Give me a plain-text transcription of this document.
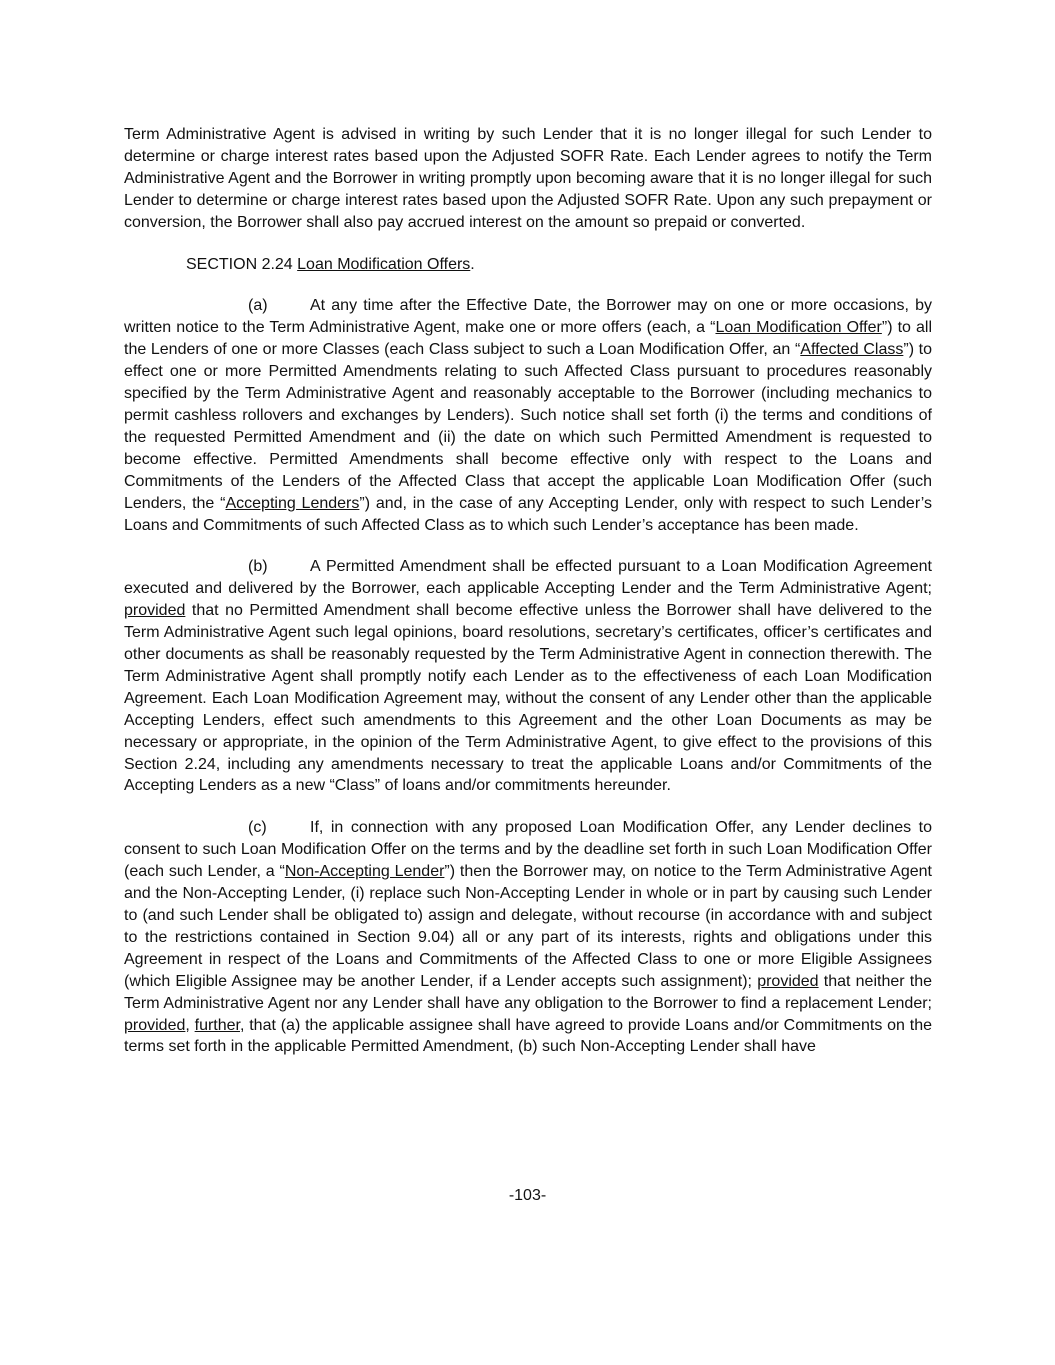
Term Administrative Agent is advised in writing by such Lender that it is no longer illegal for such Lender to determine or charge interest rates based upon the Adjusted SOFR Rate. Each Lender agrees to notify the Term Administrative Agent and the Borrower in writing promptly upon becoming aware that it is no longer illegal for such Lender to determine or charge interest rates based upon the Adjusted SOFR Rate. Upon any such prepayment or conversion, the Borrower shall also pay accrued interest on the amount so prepaid or converted.

SECTION 2.24 Loan Modification Offers.

(a)	At any time after the Effective Date, the Borrower may on one or more occasions, by written notice to the Term Administrative Agent, make one or more offers (each, a “Loan Modification Offer”) to all the Lenders of one or more Classes (each Class subject to such a Loan Modification Offer, an “Affected Class”) to effect one or more Permitted Amendments relating to such Affected Class pursuant to procedures reasonably specified by the Term Administrative Agent and reasonably acceptable to the Borrower (including mechanics to permit cashless rollovers and exchanges by Lenders). Such notice shall set forth (i) the terms and conditions of the requested Permitted Amendment and (ii) the date on which such Permitted Amendment is requested to become effective. Permitted Amendments shall become effective only with respect to the Loans and Commitments of the Lenders of the Affected Class that accept the applicable Loan Modification Offer (such Lenders, the “Accepting Lenders”) and, in the case of any Accepting Lender, only with respect to such Lender’s Loans and Commitments of such Affected Class as to which such Lender’s acceptance has been made.

(b)	A Permitted Amendment shall be effected pursuant to a Loan Modification Agreement executed and delivered by the Borrower, each applicable Accepting Lender and the Term Administrative Agent; provided that no Permitted Amendment shall become effective unless the Borrower shall have delivered to the Term Administrative Agent such legal opinions, board resolutions, secretary’s certificates, officer’s certificates and other documents as shall be reasonably requested by the Term Administrative Agent in connection therewith. The Term Administrative Agent shall promptly notify each Lender as to the effectiveness of each Loan Modification Agreement. Each Loan Modification Agreement may, without the consent of any Lender other than the applicable Accepting Lenders, effect such amendments to this Agreement and the other Loan Documents as may be necessary or appropriate, in the opinion of the Term Administrative Agent, to give effect to the provisions of this Section 2.24, including any amendments necessary to treat the applicable Loans and/or Commitments of the Accepting Lenders as a new “Class” of loans and/or commitments hereunder.

(c)	If, in connection with any proposed Loan Modification Offer, any Lender declines to consent to such Loan Modification Offer on the terms and by the deadline set forth in such Loan Modification Offer (each such Lender, a “Non-Accepting Lender”) then the Borrower may, on notice to the Term Administrative Agent and the Non-Accepting Lender, (i) replace such Non-Accepting Lender in whole or in part by causing such Lender to (and such Lender shall be obligated to) assign and delegate, without recourse (in accordance with and subject to the restrictions contained in Section 9.04) all or any part of its interests, rights and obligations under this Agreement in respect of the Loans and Commitments of the Affected Class to one or more Eligible Assignees (which Eligible Assignee may be another Lender, if a Lender accepts such assignment); provided that neither the Term Administrative Agent nor any Lender shall have any obligation to the Borrower to find a replacement Lender; provided, further, that (a) the applicable assignee shall have agreed to provide Loans and/or Commitments on the terms set forth in the applicable Permitted Amendment, (b) such Non-Accepting Lender shall have

-103-
